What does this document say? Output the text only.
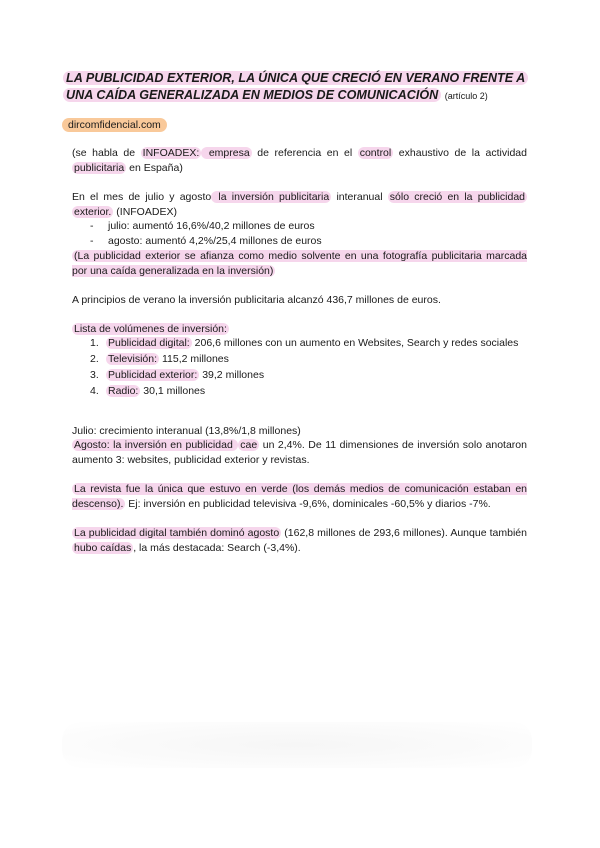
LA PUBLICIDAD EXTERIOR, LA ÚNICA QUE CRECIÓ EN VERANO FRENTE A
UNA CAÍDA GENERALIZADA EN MEDIOS DE COMUNICACIÓN (artículo 2)
dircomfidencial.com
(se habla de INFOADEX: empresa de referencia en el control exhaustivo de la actividad publicitaria en España)
En el mes de julio y agosto la inversión publicitaria interanual sólo creció en la publicidad exterior. (INFOADEX)
-	julio: aumentó 16,6%/40,2 millones de euros
-	agosto: aumentó 4,2%/25,4 millones de euros
(La publicidad exterior se afianza como medio solvente en una fotografía publicitaria marcada por una caída generalizada en la inversión)
A principios de verano la inversión publicitaria alcanzó 436,7 millones de euros.
Lista de volúmenes de inversión:
1. Publicidad digital: 206,6 millones con un aumento en Websites, Search y redes sociales
2. Televisión: 115,2 millones
3. Publicidad exterior: 39,2 millones
4. Radio: 30,1 millones
Julio: crecimiento interanual (13,8%/1,8 millones)
Agosto: la inversión en publicidad cae un 2,4%. De 11 dimensiones de inversión solo anotaron aumento 3: websites, publicidad exterior y revistas.
La revista fue la única que estuvo en verde (los demás medios de comunicación estaban en descenso). Ej: inversión en publicidad televisiva -9,6%, dominicales -60,5% y diarios -7%.
La publicidad digital también dominó agosto (162,8 millones de 293,6 millones). Aunque también hubo caídas , la más destacada: Search (-3,4%).
